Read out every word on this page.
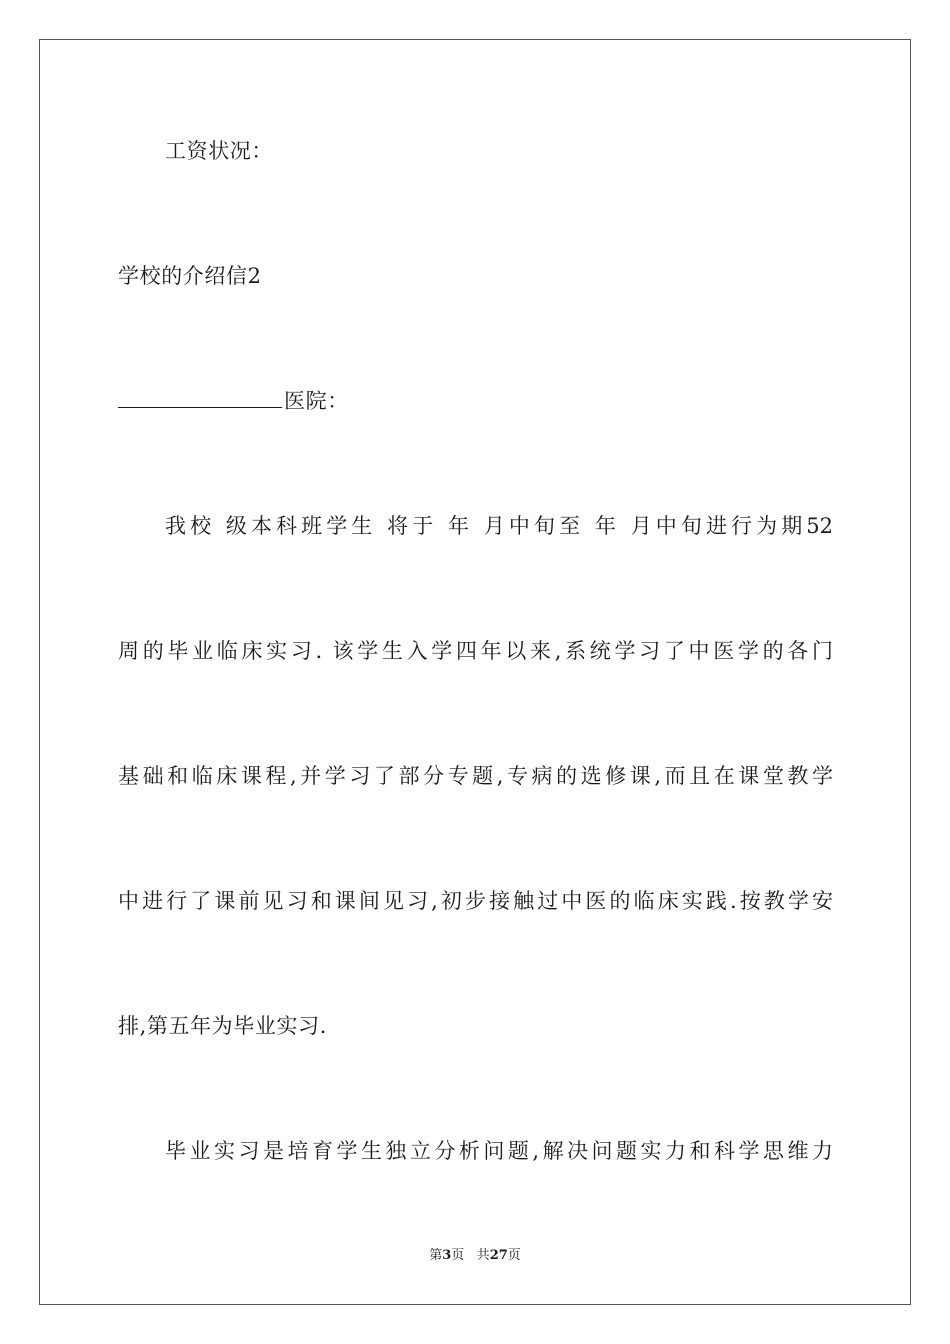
工资状况：
学校的介绍信2
医院：
我校 级本科班学生 将于 年 月中旬至 年 月中旬进行为期52
周的毕业临床实习. 该学生入学四年以来,系统学习了中医学的各门
基础和临床课程,并学习了部分专题,专病的选修课,而且在课堂教学
中进行了课前见习和课间见习,初步接触过中医的临床实践.按教学安
排,第五年为毕业实习.
毕业实习是培育学生独立分析问题,解决问题实力和科学思维力
第3页 共27页
